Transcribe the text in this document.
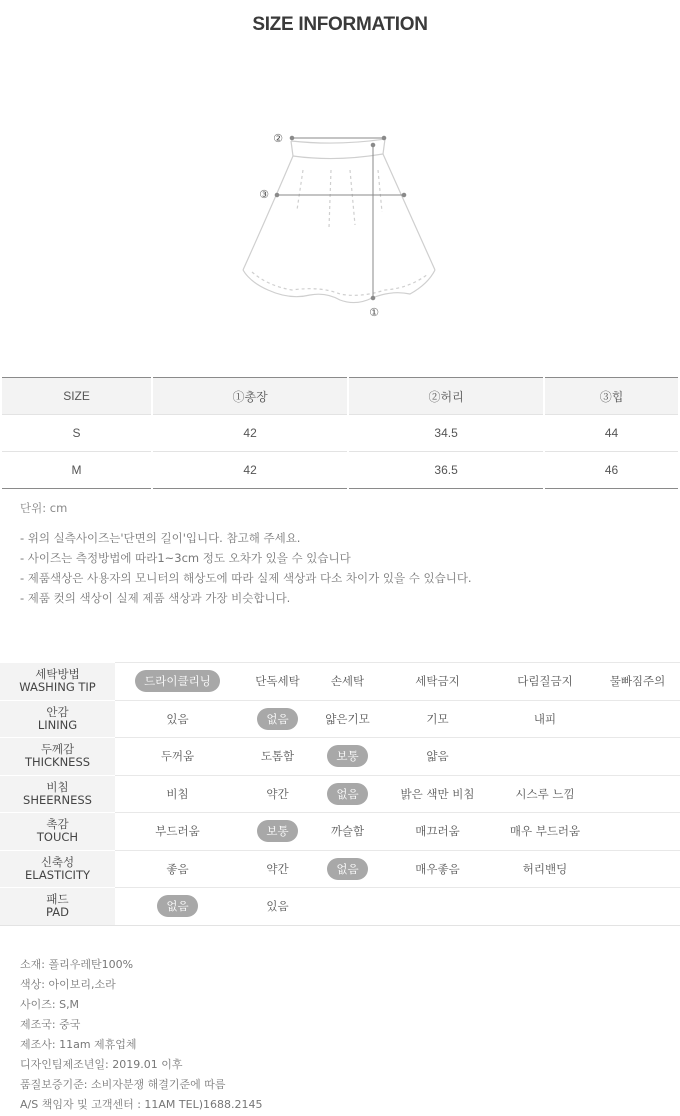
SIZE INFORMATION
②
③
①
SIZE	①총장	②허리	③힙
S	42	34.5	44
M	42	36.5	46
단위: cm
- 위의 실측사이즈는'단면의 길이'입니다. 참고해 주세요.
- 사이즈는 측정방법에 따라1~3cm 정도 오차가 있을 수 있습니다
- 제품색상은 사용자의 모니터의 해상도에 따라 실제 색상과 다소 차이가 있을 수 있습니다.
- 제품 컷의 색상이 실제 제품 색상과 가장 비슷합니다.
세탁방법
WASHING TIP	드라이클리닝	단독세탁	손세탁	세탁금지	다림질금지	물빠짐주의

안감
LINING	있음	없음	얇은기모	기모	내피	

두께감
THICKNESS	두꺼움	도톰함	보통	얇음		

비침
SHEERNESS	비침	약간	없음	밝은 색만 비침	시스루 느낌	

촉감
TOUCH	부드러움	보통	까슬함	매끄러움	매우 부드러움	

신축성
ELASTICITY	좋음	약간	없음	매우좋음	허리밴딩	

패드
PAD	없음	있음				
소재: 폴리우레탄100%
색상: 아이보리,소라
사이즈: S,M
제조국: 중국
제조사: 11am 제휴업체
디자인팀제조년일: 2019.01 이후
품질보증기준: 소비자분쟁 해결기준에 따름
A/S 책임자 및 고객센터 : 11AM TEL)1688.2145
